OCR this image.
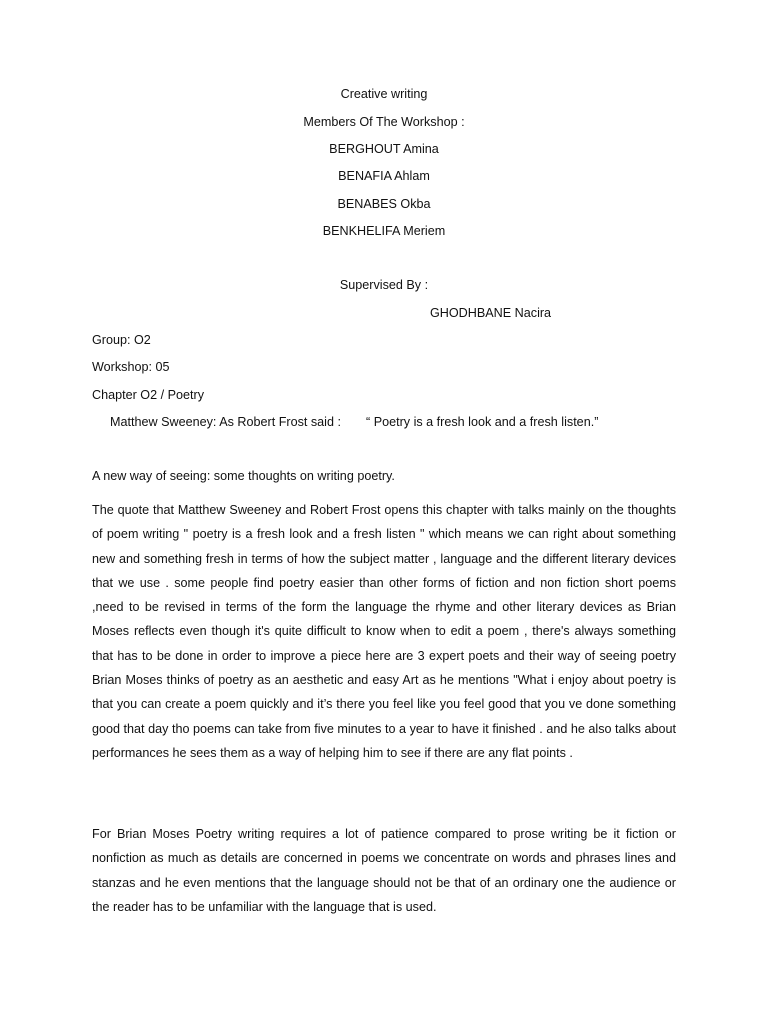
Creative writing
Members Of The Workshop :
BERGHOUT Amina
BENAFIA Ahlam
BENABES Okba
BENKHELIFA Meriem
Supervised By :
GHODHBANE Nacira
Group: O2
Workshop: 05
Chapter O2 / Poetry
Matthew Sweeney: As Robert Frost said : “ Poetry is a fresh look and a fresh listen.”
A new way of seeing: some thoughts on writing poetry.

The quote that Matthew Sweeney and Robert Frost opens this chapter with talks mainly on the thoughts of poem writing " poetry is a fresh look and a fresh listen " which means we can right about something new and something fresh in terms of how the subject matter , language and the different literary devices that we use . some people find poetry easier than other forms of fiction and non fiction short poems ,need to be revised in terms of the form the language the rhyme and other literary devices as Brian Moses reflects even though it's quite difficult to know when to edit a poem , there's always something that has to be done in order to improve a piece here are 3 expert poets and their way of seeing poetry Brian Moses thinks of poetry as an aesthetic and easy Art as he mentions "What i enjoy about poetry is that you can create a poem quickly and it’s there you feel like you feel good that you ve done something good that day tho poems can take from five minutes to a year to have it finished . and he also talks about performances he sees them as a way of helping him to see if there are any flat points .

For Brian Moses Poetry writing requires a lot of patience compared to prose writing be it fiction or nonfiction as much as details are concerned in poems we concentrate on words and phrases lines and stanzas and he even mentions that the language should not be that of an ordinary one the audience or the reader has to be unfamiliar with the language that is used.
